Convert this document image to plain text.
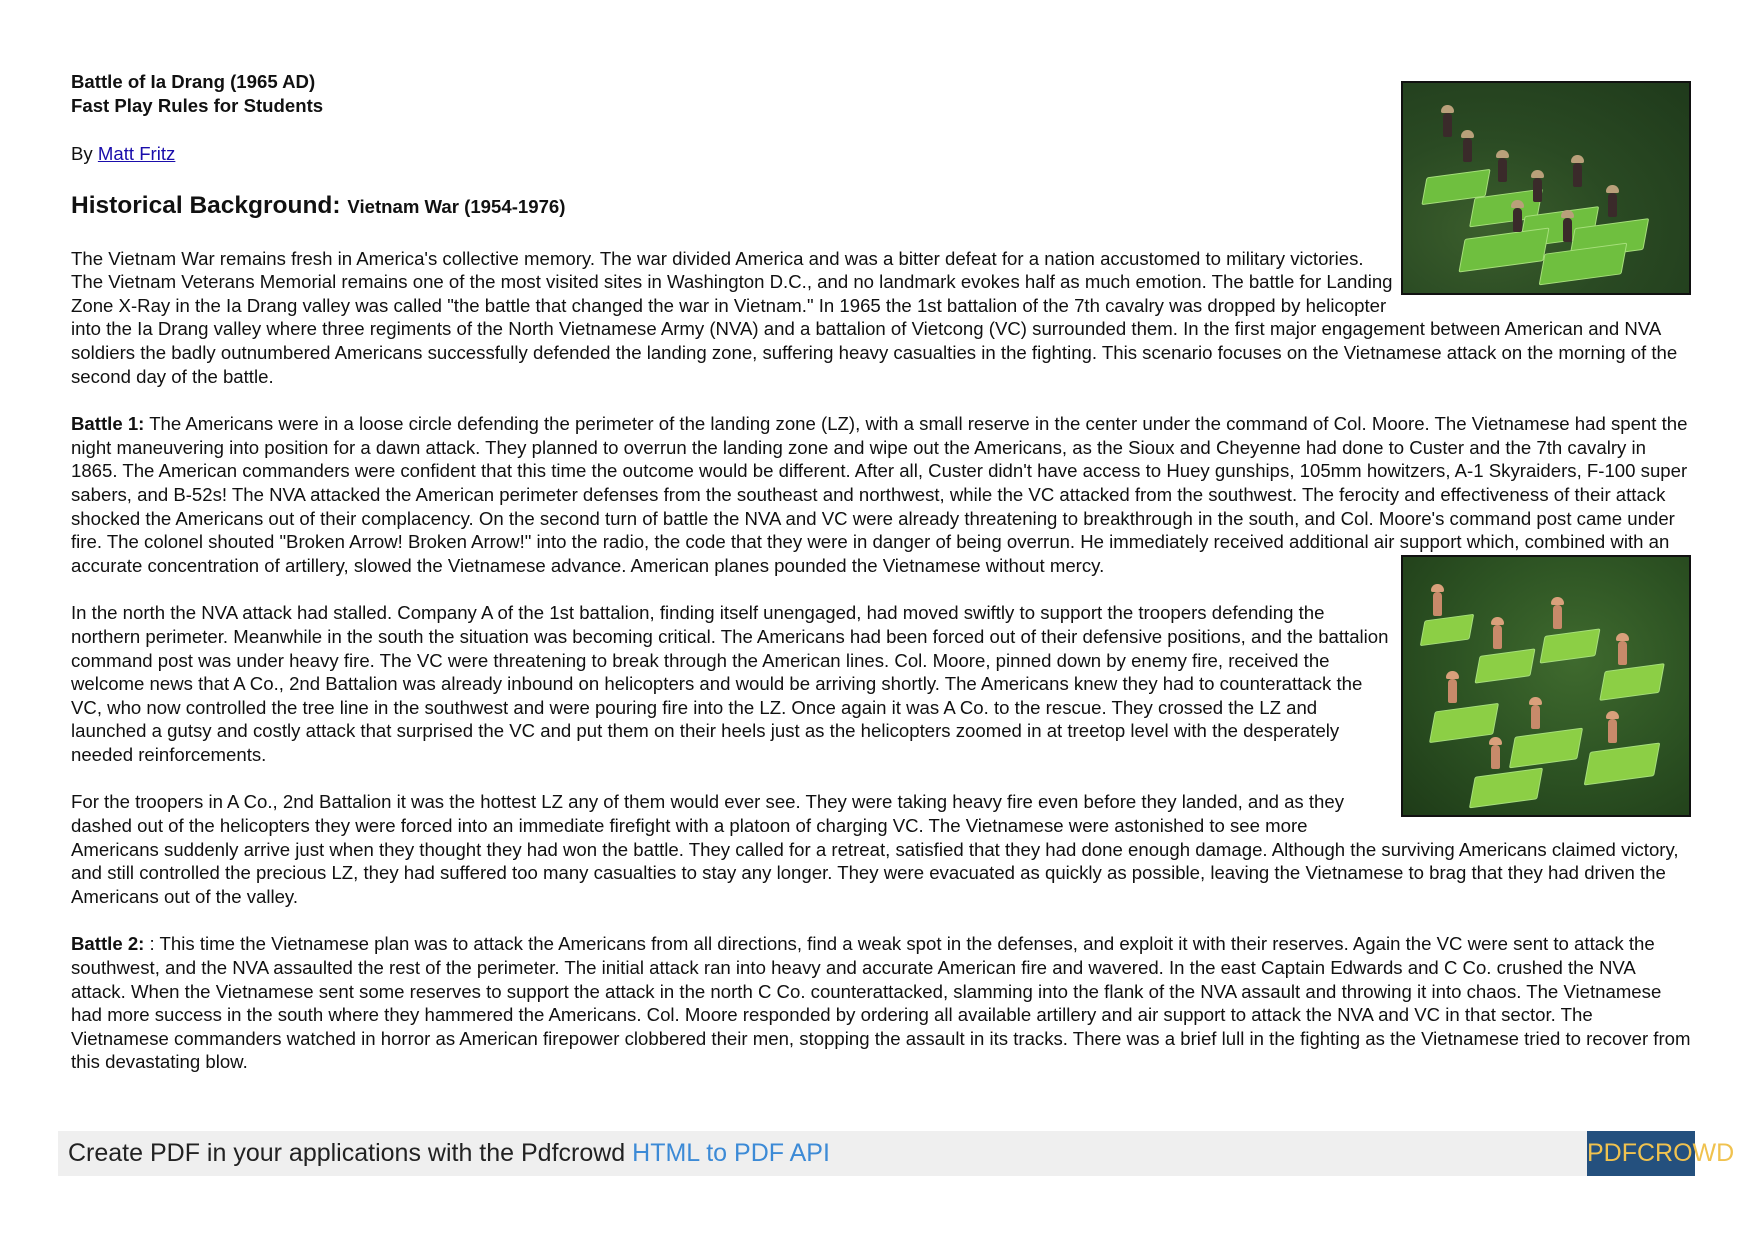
Battle of Ia Drang (1965 AD)
Fast Play Rules for Students
By Matt Fritz
Historical Background: Vietnam War (1954-1976)

The Vietnam War remains fresh in America's collective memory. The war divided America and was a bitter defeat for a nation accustomed to military victories. The Vietnam Veterans Memorial remains one of the most visited sites in Washington D.C., and no landmark evokes half as much emotion. The battle for Landing Zone X-Ray in the Ia Drang valley was called "the battle that changed the war in Vietnam." In 1965 the 1st battalion of the 7th cavalry was dropped by helicopter into the Ia Drang valley where three regiments of the North Vietnamese Army (NVA) and a battalion of Vietcong (VC) surrounded them. In the first major engagement between American and NVA soldiers the badly outnumbered Americans successfully defended the landing zone, suffering heavy casualties in the fighting. This scenario focuses on the Vietnamese attack on the morning of the second day of the battle.

Battle 1: The Americans were in a loose circle defending the perimeter of the landing zone (LZ), with a small reserve in the center under the command of Col. Moore. The Vietnamese had spent the night maneuvering into position for a dawn attack. They planned to overrun the landing zone and wipe out the Americans, as the Sioux and Cheyenne had done to Custer and the 7th cavalry in 1865. The American commanders were confident that this time the outcome would be different. After all, Custer didn't have access to Huey gunships, 105mm howitzers, A-1 Skyraiders, F-100 super sabers, and B-52s! The NVA attacked the American perimeter defenses from the southeast and northwest, while the VC attacked from the southwest. The ferocity and effectiveness of their attack shocked the Americans out of their complacency. On the second turn of battle the NVA and VC were already threatening to breakthrough in the south, and Col. Moore's command post came under fire. The colonel shouted "Broken Arrow! Broken Arrow!" into the radio, the code that they were in danger of being overrun. He immediately received additional air support which, combined with an accurate concentration of artillery, slowed the Vietnamese advance. American planes pounded the Vietnamese without mercy.

In the north the NVA attack had stalled. Company A of the 1st battalion, finding itself unengaged, had moved swiftly to support the troopers defending the northern perimeter. Meanwhile in the south the situation was becoming critical. The Americans had been forced out of their defensive positions, and the battalion command post was under heavy fire. The VC were threatening to break through the American lines. Col. Moore, pinned down by enemy fire, received the welcome news that A Co., 2nd Battalion was already inbound on helicopters and would be arriving shortly. The Americans knew they had to counterattack the VC, who now controlled the tree line in the southwest and were pouring fire into the LZ. Once again it was A Co. to the rescue. They crossed the LZ and launched a gutsy and costly attack that surprised the VC and put them on their heels just as the helicopters zoomed in at treetop level with the desperately needed reinforcements.

For the troopers in A Co., 2nd Battalion it was the hottest LZ any of them would ever see. They were taking heavy fire even before they landed, and as they dashed out of the helicopters they were forced into an immediate firefight with a platoon of charging VC. The Vietnamese were astonished to see more Americans suddenly arrive just when they thought they had won the battle. They called for a retreat, satisfied that they had done enough damage. Although the surviving Americans claimed victory, and still controlled the precious LZ, they had suffered too many casualties to stay any longer. They were evacuated as quickly as possible, leaving the Vietnamese to brag that they had driven the Americans out of the valley.

Battle 2: : This time the Vietnamese plan was to attack the Americans from all directions, find a weak spot in the defenses, and exploit it with their reserves. Again the VC were sent to attack the southwest, and the NVA assaulted the rest of the perimeter. The initial attack ran into heavy and accurate American fire and wavered. In the east Captain Edwards and C Co. crushed the NVA attack. When the Vietnamese sent some reserves to support the attack in the north C Co. counterattacked, slamming into the flank of the NVA assault and throwing it into chaos. The Vietnamese had more success in the south where they hammered the Americans. Col. Moore responded by ordering all available artillery and air support to attack the NVA and VC in that sector. The Vietnamese commanders watched in horror as American firepower clobbered their men, stopping the assault in its tracks. There was a brief lull in the fighting as the Vietnamese tried to recover from this devastating blow.

Create PDF in your applications with the Pdfcrowd HTML to PDF API	PDFCROWD
